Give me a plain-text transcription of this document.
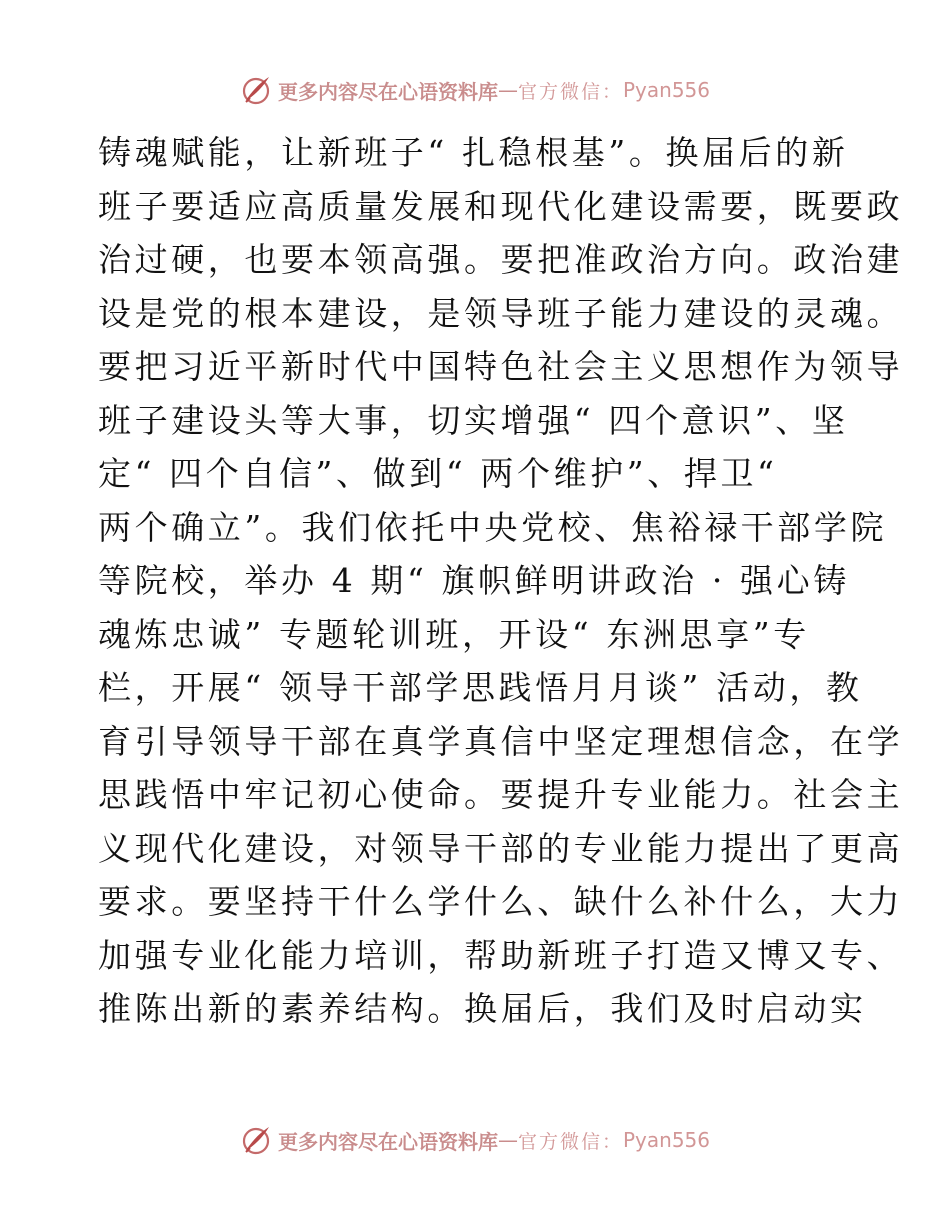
更多内容尽在心语资料库 — 官方微信： Pyan556
铸魂赋能，让新班子“ 扎稳根基”。换届后的新
班子要适应高质量发展和现代化建设需要，既要政
治过硬，也要本领高强。要把准政治方向。政治建
设是党的根本建设，是领导班子能力建设的灵魂。
要把习近平新时代中国特色社会主义思想作为领导
班子建设头等大事，切实增强“ 四个意识”、坚
定“ 四个自信”、做到“ 两个维护”、捍卫“
两个确立”。我们依托中央党校、焦裕禄干部学院
等院校，举办 4 期“ 旗帜鲜明讲政治 · 强心铸
魂炼忠诚” 专题轮训班，开设“ 东洲思享”专
栏，开展“ 领导干部学思践悟月月谈” 活动，教
育引导领导干部在真学真信中坚定理想信念，在学
思践悟中牢记初心使命。要提升专业能力。社会主
义现代化建设，对领导干部的专业能力提出了更高
要求。要坚持干什么学什么、缺什么补什么，大力
加强专业化能力培训，帮助新班子打造又博又专、
推陈出新的素养结构。换届后，我们及时启动实
更多内容尽在心语资料库 — 官方微信： Pyan556
